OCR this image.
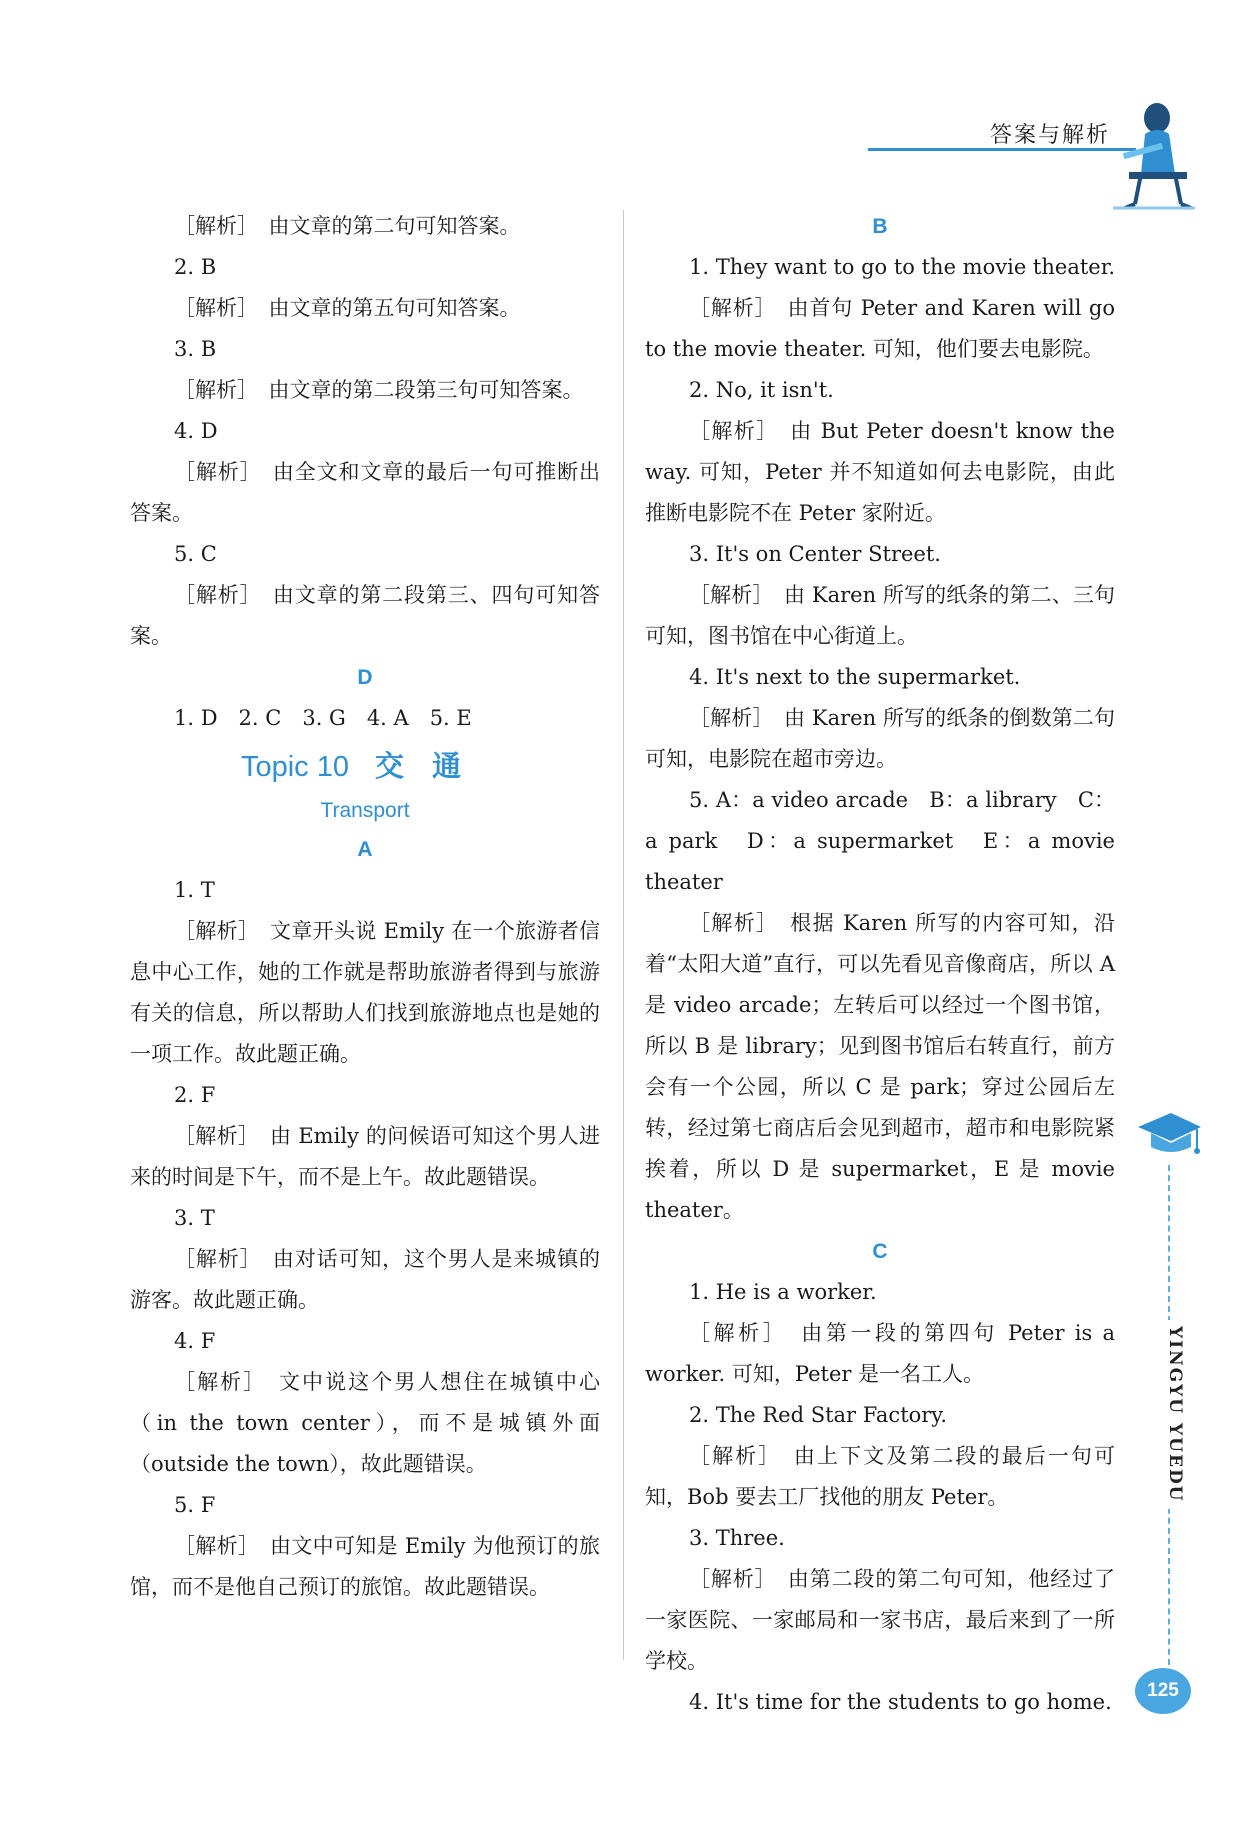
答案与解析

［解析］　由文章的第二句可知答案。

2. B

［解析］　由文章的第五句可知答案。

3. B

［解析］　由文章的第二段第三句可知答案。

4. D

［解析］　由全文和文章的最后一句可推断出答案。

5. C

［解析］　由文章的第二段第三、四句可知答案。

D

1. D　2. C　3. G　4. A　5. E

Topic 10 交通
Transport

A

1. T

［解析］　文章开头说 Emily 在一个旅游者信息中心工作，她的工作就是帮助旅游者得到与旅游有关的信息，所以帮助人们找到旅游地点也是她的一项工作。故此题正确。

2. F

［解析］　由 Emily 的问候语可知这个男人进来的时间是下午，而不是上午。故此题错误。

3. T

［解析］　由对话可知，这个男人是来城镇的游客。故此题正确。

4. F

［解析］　文中说这个男人想住在城镇中心（in the town center），而不是城镇外面（outside the town），故此题错误。

5. F

［解析］　由文中可知是 Emily 为他预订的旅馆，而不是他自己预订的旅馆。故此题错误。

B

1. They want to go to the movie theater.

［解析］　由首句 Peter and Karen will go to the movie theater. 可知，他们要去电影院。

2. No, it isn't.

［解析］　由 But Peter doesn't know the way. 可知，Peter 并不知道如何去电影院，由此推断电影院不在 Peter 家附近。

3. It's on Center Street.

［解析］　由 Karen 所写的纸条的第二、三句可知，图书馆在中心街道上。

4. It's next to the supermarket.

［解析］　由 Karen 所写的纸条的倒数第二句可知，电影院在超市旁边。

5. A：a video arcade　B：a library　C：a park　D：a supermarket　E：a movie theater

［解析］　根据 Karen 所写的内容可知，沿着“太阳大道”直行，可以先看见音像商店，所以 A 是 video arcade；左转后可以经过一个图书馆，所以 B 是 library；见到图书馆后右转直行，前方会有一个公园，所以 C 是 park；穿过公园后左转，经过第七商店后会见到超市，超市和电影院紧挨着，所以 D 是 supermarket，E 是 movie theater。

C

1. He is a worker.

［解析］　由第一段的第四句 Peter is a worker. 可知，Peter 是一名工人。

2. The Red Star Factory.

［解析］　由上下文及第二段的最后一句可知，Bob 要去工厂找他的朋友 Peter。

3. Three.

［解析］　由第二段的第二句可知，他经过了一家医院、一家邮局和一家书店，最后来到了一所学校。

4. It's time for the students to go home.

YINGYU YUEDU
125
